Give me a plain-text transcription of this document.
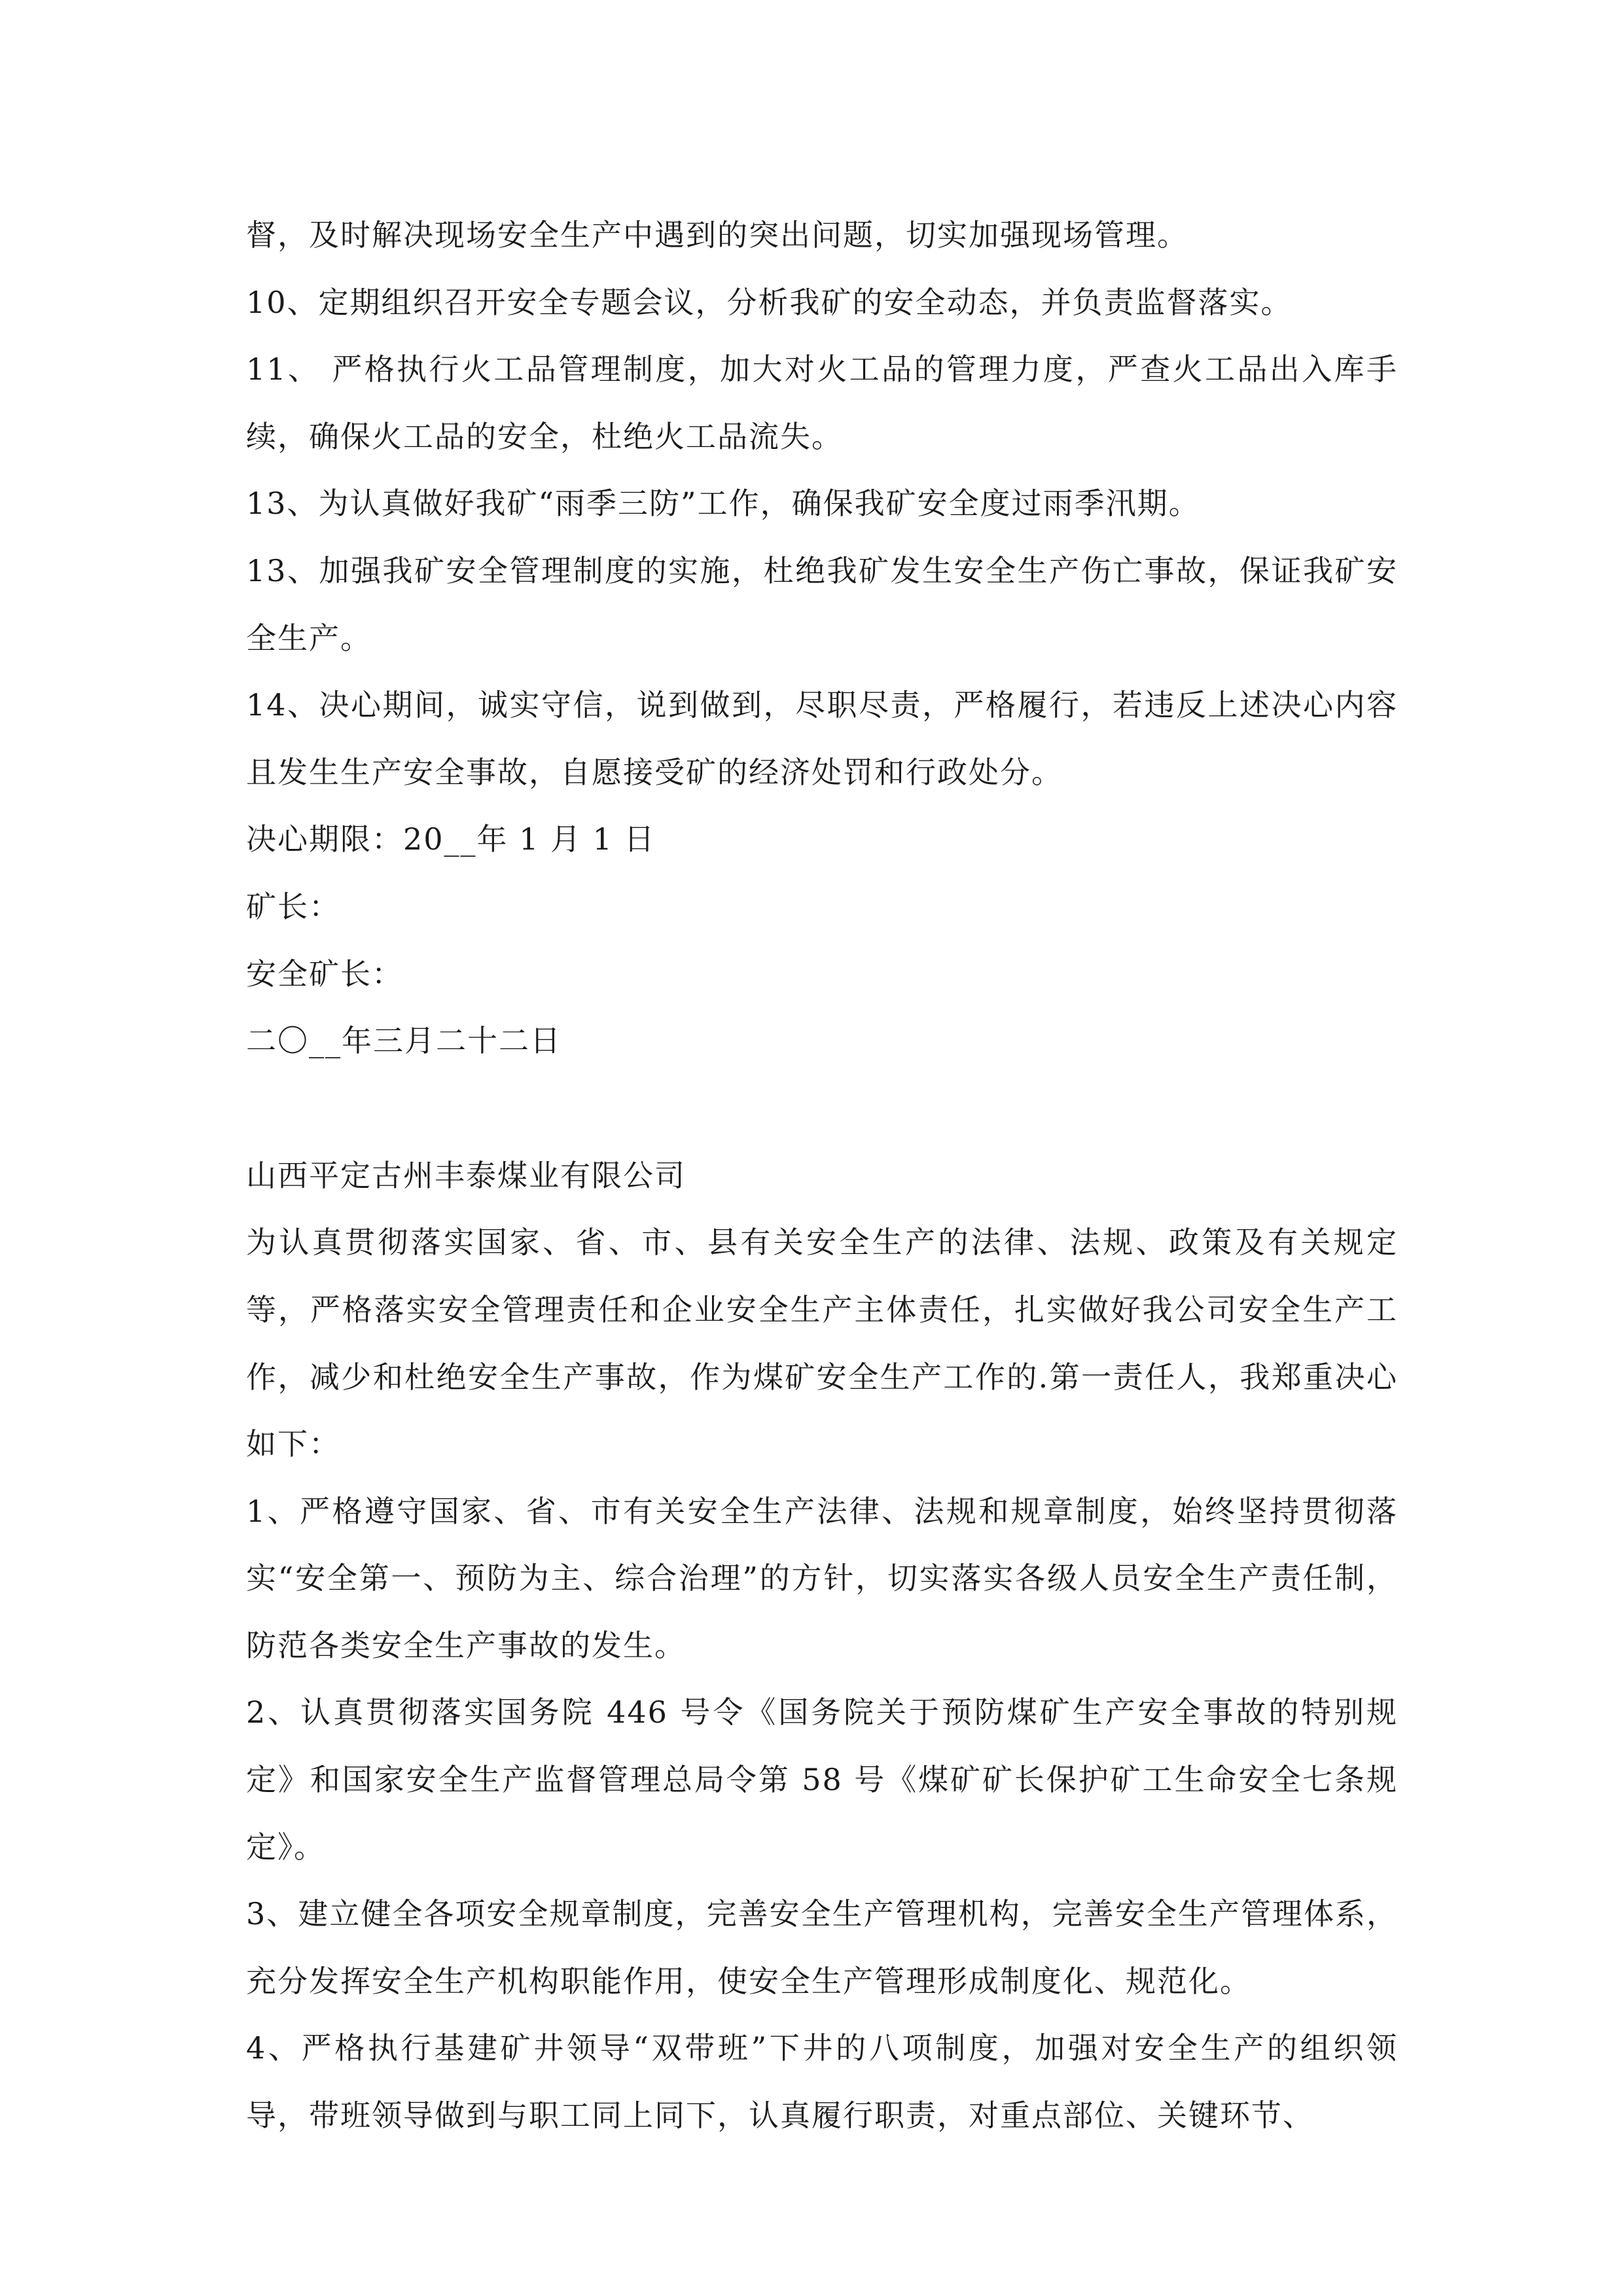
督，及时解决现场安全生产中遇到的突出问题，切实加强现场管理。

10、定期组织召开安全专题会议，分析我矿的安全动态，并负责监督落实。

11、 严格执行火工品管理制度，加大对火工品的管理力度，严查火工品出入库手续，确保火工品的安全，杜绝火工品流失。

13、为认真做好我矿“雨季三防”工作，确保我矿安全度过雨季汛期。

13、加强我矿安全管理制度的实施，杜绝我矿发生安全生产伤亡事故，保证我矿安全生产。

14、决心期间，诚实守信，说到做到，尽职尽责，严格履行，若违反上述决心内容且发生生产安全事故，自愿接受矿的经济处罚和行政处分。

决心期限：20__年 1 月 1 日

矿长：

安全矿长：

二〇__年三月二十二日

山西平定古州丰泰煤业有限公司

为认真贯彻落实国家、省、市、县有关安全生产的法律、法规、政策及有关规定等，严格落实安全管理责任和企业安全生产主体责任，扎实做好我公司安全生产工作，减少和杜绝安全生产事故，作为煤矿安全生产工作的.第一责任人，我郑重决心如下：

1、严格遵守国家、省、市有关安全生产法律、法规和规章制度，始终坚持贯彻落实“安全第一、预防为主、综合治理”的方针，切实落实各级人员安全生产责任制，防范各类安全生产事故的发生。

2、认真贯彻落实国务院 446 号令《国务院关于预防煤矿生产安全事故的特别规定》和国家安全生产监督管理总局令第 58 号《煤矿矿长保护矿工生命安全七条规定》。

3、建立健全各项安全规章制度，完善安全生产管理机构，完善安全生产管理体系，充分发挥安全生产机构职能作用，使安全生产管理形成制度化、规范化。

4、严格执行基建矿井领导“双带班”下井的八项制度，加强对安全生产的组织领导，带班领导做到与职工同上同下，认真履行职责，对重点部位、关键环节、
